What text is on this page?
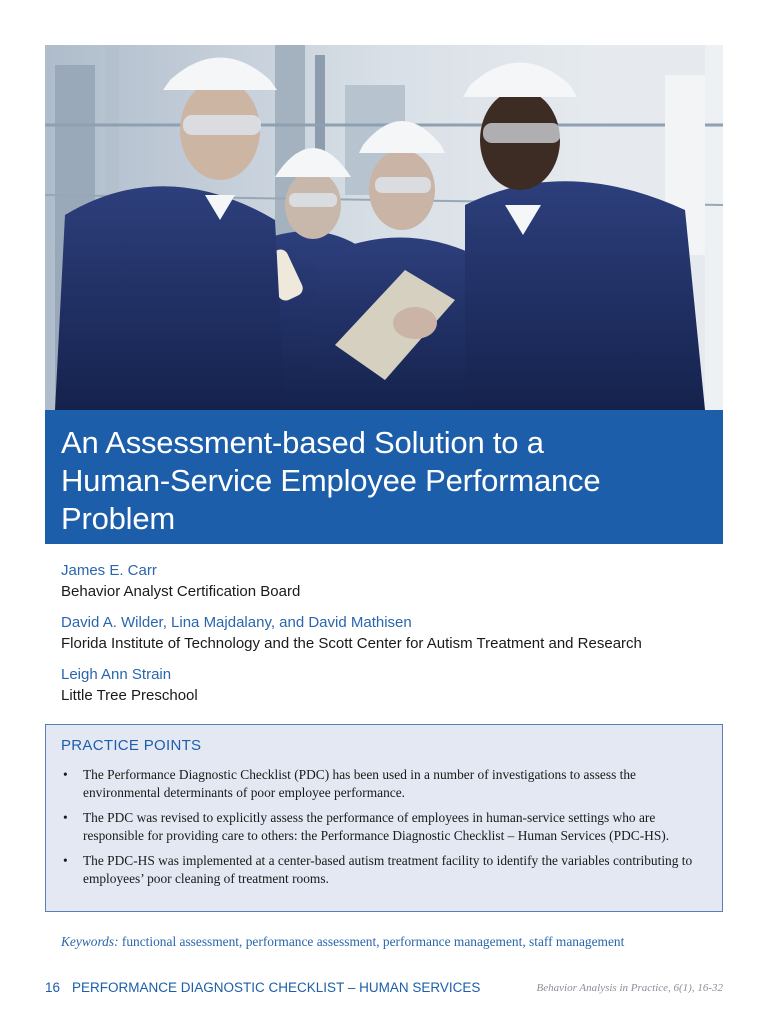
An Assessment-based Solution to a
Human-Service Employee Performance Problem
An Initial Evaluation of the Performance Diagnostic Checklist – Human Services
James E. Carr
Behavior Analyst Certification Board
David A. Wilder, Lina Majdalany, and David Mathisen
Florida Institute of Technology and the Scott Center for Autism Treatment and Research
Leigh Ann Strain
Little Tree Preschool
PRACTICE POINTS
• The Performance Diagnostic Checklist (PDC) has been used in a number of investigations to assess the environmental determinants of poor employee performance.
• The PDC was revised to explicitly assess the performance of employees in human-service settings who are responsible for providing care to others: the Performance Diagnostic Checklist – Human Services (PDC-HS).
• The PDC-HS was implemented at a center-based autism treatment facility to identify the variables contributing to employees’ poor cleaning of treatment rooms.
Keywords: functional assessment, performance assessment, performance management, staff management
16 PERFORMANCE DIAGNOSTIC CHECKLIST – HUMAN SERVICES	Behavior Analysis in Practice, 6(1), 16-32
